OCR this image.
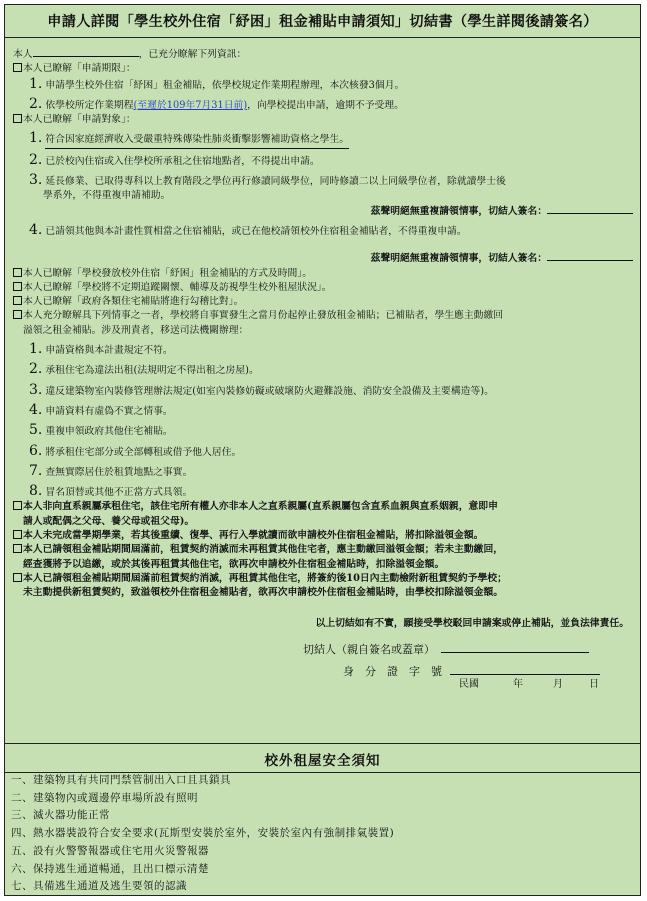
申請人詳閱「學生校外住宿「紓困」租金補貼申請須知」切結書（學生詳閱後請簽名）
本人	，已充分瞭解下列資訊：
本人已瞭解「申請期限」：
1. 申請學生校外住宿「紓困」租金補貼，依學校規定作業期程辦理，本次核發3個月。
2. 依學校所定作業期程(至遲於109年7月31日前)，向學校提出申請，逾期不予受理。
本人已瞭解「申請對象」：
1. 符合因家庭經濟收入受嚴重特殊傳染性肺炎衝擊影響補助資格之學生。
2. 已於校內住宿或入住學校所承租之住宿地點者，不得提出申請。
3. 延長修業、已取得專科以上教育階段之學位再行修讀同級學位，同時修讀二以上同級學位者，除就讀學士後
學系外，不得重複申請補助。
茲聲明絕無重複請領情事，切結人簽名：
4. 已請領其他與本計畫性質相當之住宿補貼，或已在他校請領校外住宿租金補貼者，不得重複申請。
茲聲明絕無重複請領情事，切結人簽名：
本人已瞭解「學校發放校外住宿「紓困」租金補貼的方式及時間」。
本人已瞭解「學校將不定期追蹤關懷、輔導及訪視學生校外租屋狀況」。
本人已瞭解「政府各類住宅補貼將進行勾稽比對」。
本人充分瞭解具下列情事之一者，學校將自事實發生之當月份起停止發放租金補貼；已補貼者，學生應主動繳回
溢領之租金補貼。涉及刑責者，移送司法機關辦理：
1. 申請資格與本計畫規定不符。
2. 承租住宅為違法出租(法規明定不得出租之房屋)。
3. 違反建築物室內裝修管理辦法規定(如室內裝修妨礙或破壞防火避難設施、消防安全設備及主要構造等)。
4. 申請資料有虛偽不實之情事。
5. 重複申領政府其他住宅補貼。
6. 將承租住宅部分或全部轉租或借予他人居住。
7. 查無實際居住於租賃地點之事實。
8. 冒名頂替或其他不正當方式具領。
本人非向直系親屬承租住宅，該住宅所有權人亦非本人之直系親屬(直系親屬包含直系血親與直系姻親，意即申
請人或配偶之父母、養父母或祖父母)。
本人未完成當學期學業，若其後重續、復學、再行入學就讀而欲申請校外住宿租金補貼，將扣除溢領金額。
本人已請領租金補貼期間屆滿前，租賃契約消滅而未再租賃其他住宅者，應主動繳回溢領金額；若未主動繳回，
經查獲將予以追繳，或於其後再租賃其他住宅，欲再次申請校外住宿租金補貼時，扣除溢領金額。
本人已請領租金補貼期間屆滿前租賃契約消滅，再租賃其他住宅，將簽約後10日內主動檢附新租賃契約予學校；
未主動提供新租賃契約，致溢領校外住宿租金補貼者，欲再次申請校外住宿租金補貼時，由學校扣除溢領金額。
以上切結如有不實，願接受學校駁回申請案或停止補貼，並負法律責任。
切結人（親自簽名或蓋章）
身　分　證　字　號
民國	年	月	日
校外租屋安全須知
一、建築物具有共同門禁管制出入口且具鎖具
二、建築物內或週邊停車場所設有照明
三、滅火器功能正常
四、熱水器裝設符合安全要求(瓦斯型安裝於室外，安裝於室內有強制排氣裝置)
五、設有火警警報器或住宅用火災警報器
六、保持逃生通道暢通，且出口標示清楚
七、具備逃生通道及逃生要領的認識
